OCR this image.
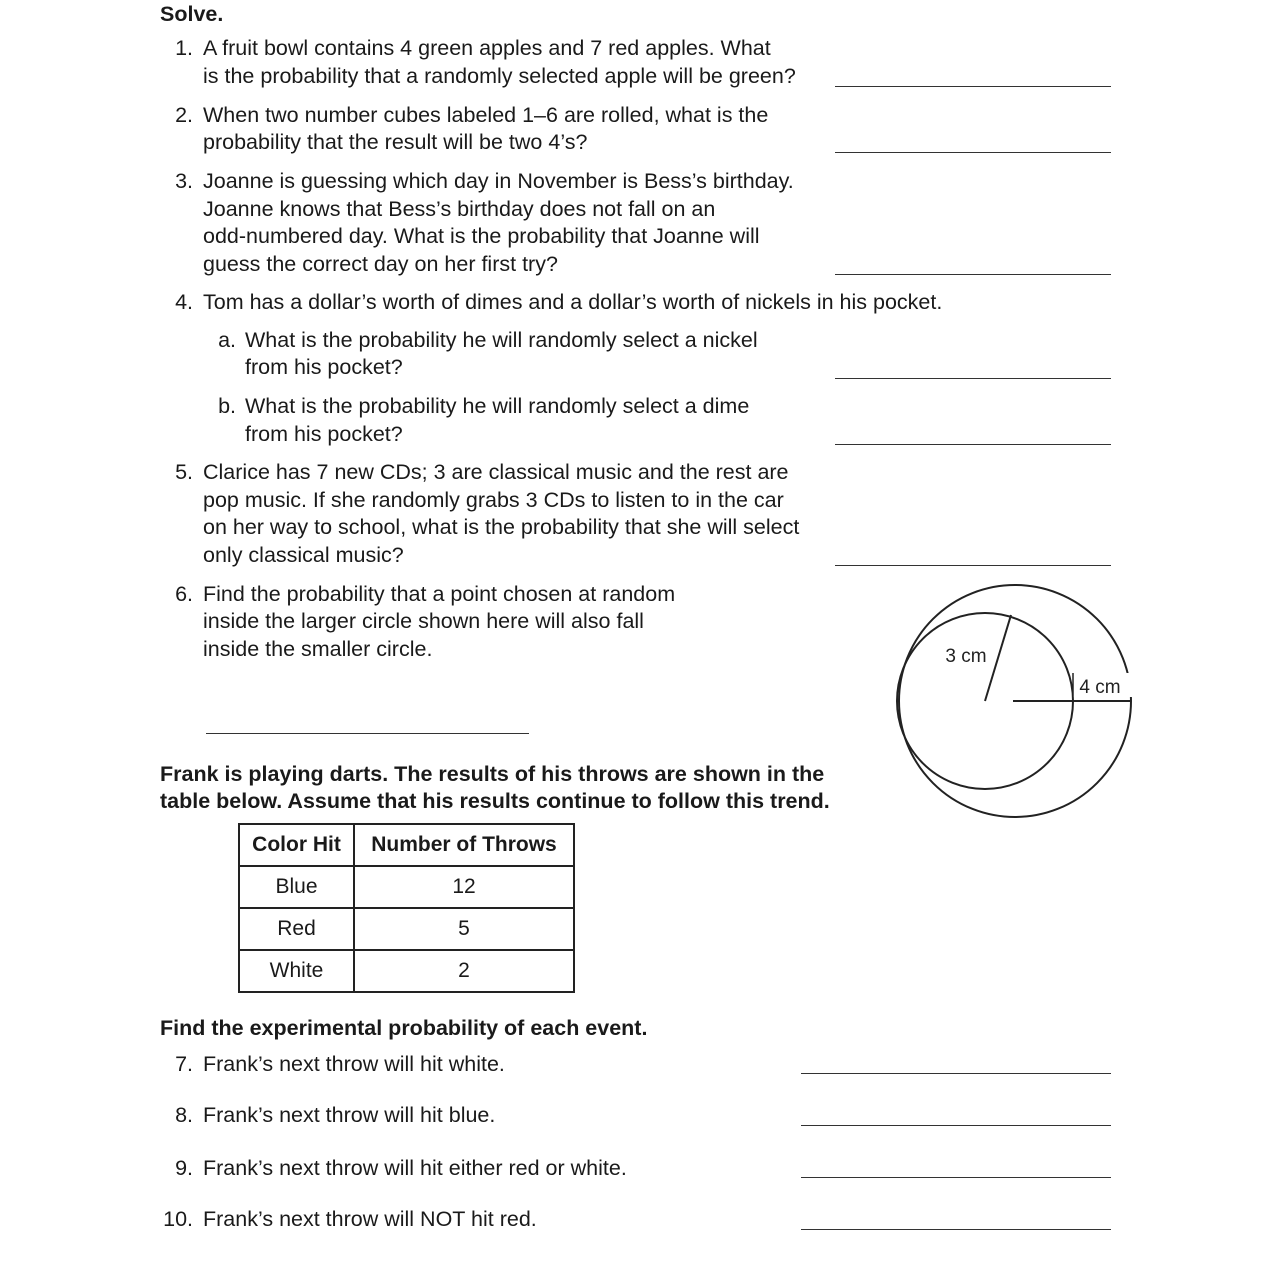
Solve.
1. A fruit bowl contains 4 green apples and 7 red apples. What
is the probability that a randomly selected apple will be green?
2. When two number cubes labeled 1–6 are rolled, what is the
probability that the result will be two 4’s?
3. Joanne is guessing which day in November is Bess’s birthday.
Joanne knows that Bess’s birthday does not fall on an
odd-numbered day. What is the probability that Joanne will
guess the correct day on her first try?
4. Tom has a dollar’s worth of dimes and a dollar’s worth of nickels in his pocket.
a. What is the probability he will randomly select a nickel
from his pocket?
b. What is the probability he will randomly select a dime
from his pocket?
5. Clarice has 7 new CDs; 3 are classical music and the rest are
pop music. If she randomly grabs 3 CDs to listen to in the car
on her way to school, what is the probability that she will select
only classical music?
6. Find the probability that a point chosen at random
inside the larger circle shown here will also fall
inside the smaller circle.	3 cm
4 cm
Frank is playing darts. The results of his throws are shown in the
table below. Assume that his results continue to follow this trend.
Color Hit	Number of Throws
Blue	12
Red	5
White	2
Find the experimental probability of each event.
7. Frank’s next throw will hit white.
8. Frank’s next throw will hit blue.
9. Frank’s next throw will hit either red or white.
10. Frank’s next throw will NOT hit red.
